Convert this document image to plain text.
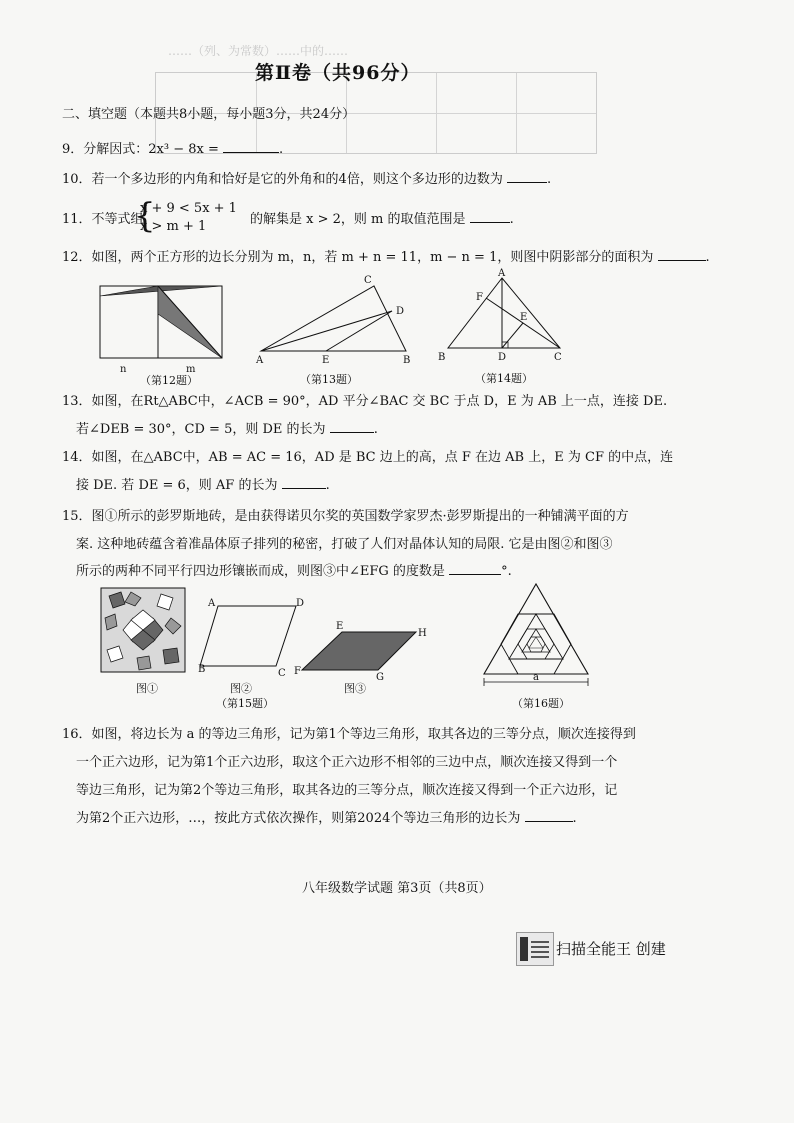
……（列、为常数）……中的……
第Ⅱ卷（共96分）
二、填空题（本题共8小题，每小题3分，共24分）
9．分解因式：2x³ − 8x =	.
10．若一个多边形的内角和恰好是它的外角和的4倍，则这个多边形的边数为	.
11．不等式组
{
x + 9 < 5x + 1
x > m + 1	的解集是 x > 2，则 m 的取值范围是	.
12．如图，两个正方形的边长分别为 m，n，若 m + n = 11，m − n = 1，则图中阴影部分的面积为	.
n	m
（第12题）
A	B
C
D
E
（第13题）
A
B	C
D
E
F
（第14题）
13．如图，在Rt△ABC中，∠ACB = 90°，AD 平分∠BAC 交 BC 于点 D，E 为 AB 上一点，连接 DE.
若∠DEB = 30°，CD = 5，则 DE 的长为	.
14．如图，在△ABC中，AB = AC = 16，AD 是 BC 边上的高，点 F 在边 AB 上，E 为 CF 的中点，连
接 DE. 若 DE = 6，则 AF 的长为	.
15．图①所示的彭罗斯地砖，是由获得诺贝尔奖的英国数学家罗杰·彭罗斯提出的一种铺满平面的方
案. 这种地砖蕴含着准晶体原子排列的秘密，打破了人们对晶体认知的局限. 它是由图②和图③
所示的两种不同平行四边形镶嵌而成，则图③中∠EFG 的度数是	°.
图①
A
B	C
D
图②
E
F
G
H
图③
（第15题）
a
（第16题）
16．如图，将边长为 a 的等边三角形，记为第1个等边三角形，取其各边的三等分点，顺次连接得到
一个正六边形，记为第1个正六边形，取这个正六边形不相邻的三边中点，顺次连接又得到一个
等边三角形，记为第2个等边三角形，取其各边的三等分点，顺次连接又得到一个正六边形，记
为第2个正六边形，…，按此方式依次操作，则第2024个等边三角形的边长为	.
八年级数学试题 第3页（共8页）
扫描全能王 创建
